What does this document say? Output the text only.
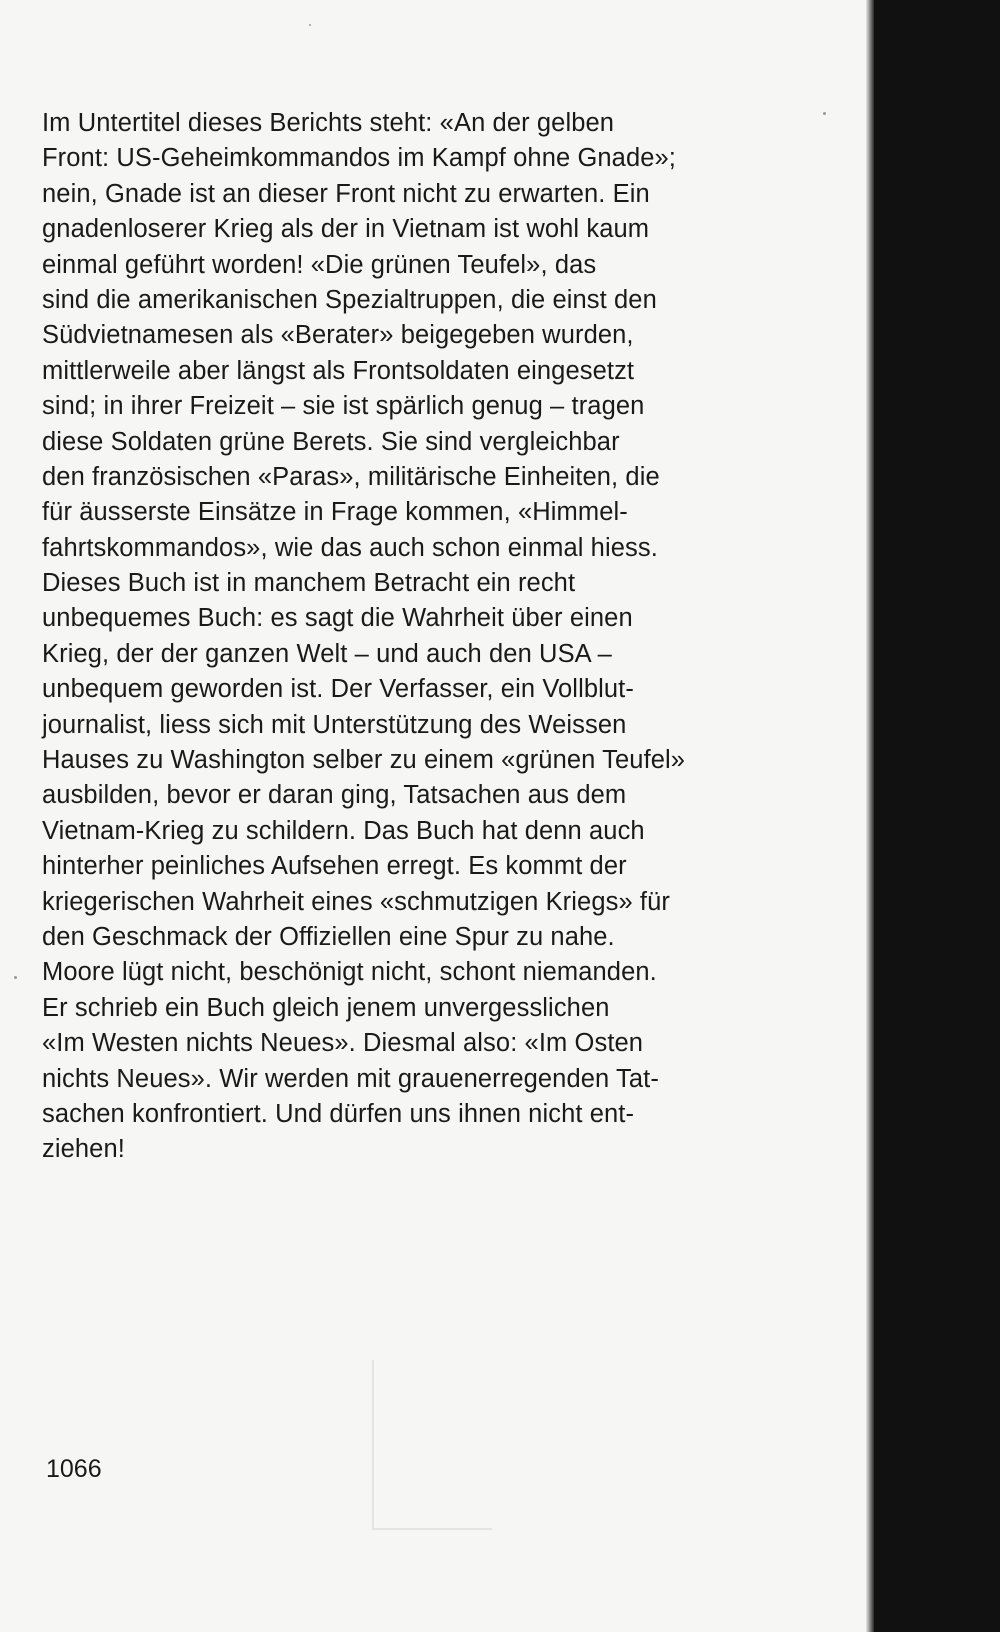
Im Untertitel dieses Berichts steht: «An der gelben
Front: US-Geheimkommandos im Kampf ohne Gnade»;
nein, Gnade ist an dieser Front nicht zu erwarten. Ein
gnadenloserer Krieg als der in Vietnam ist wohl kaum
einmal geführt worden! «Die grünen Teufel», das
sind die amerikanischen Spezialtruppen, die einst den
Südvietnamesen als «Berater» beigegeben wurden,
mittlerweile aber längst als Frontsoldaten eingesetzt
sind; in ihrer Freizeit – sie ist spärlich genug – tragen
diese Soldaten grüne Berets. Sie sind vergleichbar
den französischen «Paras», militärische Einheiten, die
für äusserste Einsätze in Frage kommen, «Himmel-
fahrtskommandos», wie das auch schon einmal hiess.
Dieses Buch ist in manchem Betracht ein recht
unbequemes Buch: es sagt die Wahrheit über einen
Krieg, der der ganzen Welt – und auch den USA –
unbequem geworden ist. Der Verfasser, ein Vollblut-
journalist, liess sich mit Unterstützung des Weissen
Hauses zu Washington selber zu einem «grünen Teufel»
ausbilden, bevor er daran ging, Tatsachen aus dem
Vietnam-Krieg zu schildern. Das Buch hat denn auch
hinterher peinliches Aufsehen erregt. Es kommt der
kriegerischen Wahrheit eines «schmutzigen Kriegs» für
den Geschmack der Offiziellen eine Spur zu nahe.
Moore lügt nicht, beschönigt nicht, schont niemanden.
Er schrieb ein Buch gleich jenem unvergesslichen
«Im Westen nichts Neues». Diesmal also: «Im Osten
nichts Neues». Wir werden mit grauenerregenden Tat-
sachen konfrontiert. Und dürfen uns ihnen nicht ent-
ziehen!

1066
